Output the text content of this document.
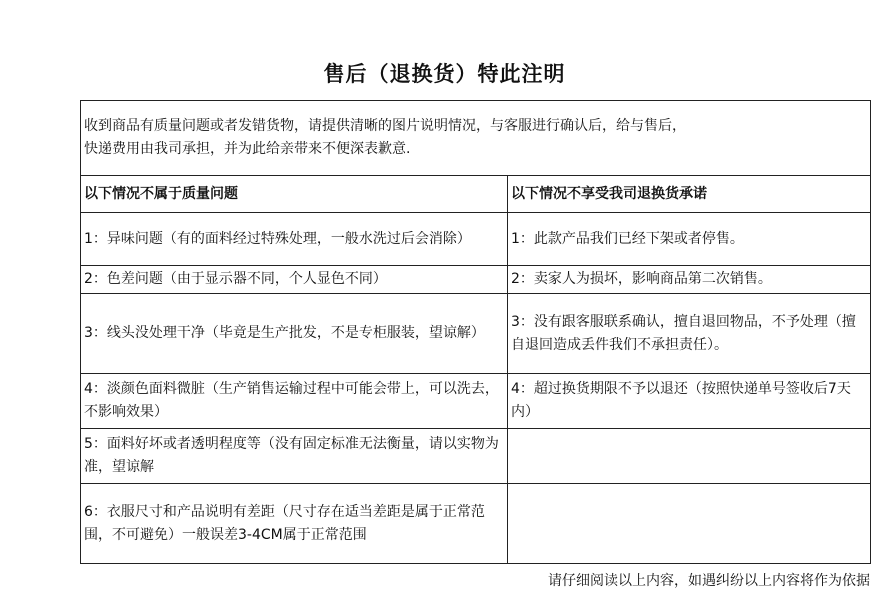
售后（退换货）特此注明
收到商品有质量问题或者发错货物，请提供清晰的图片说明情况，与客服进行确认后，给与售后，
快递费用由我司承担，并为此给亲带来不便深表歉意.	

以下情况不属于质量问题	以下情况不享受我司退换货承诺
1：异味问题（有的面料经过特殊处理，一般水洗过后会消除）	1：此款产品我们已经下架或者停售。
2：色差问题（由于显示器不同，个人显色不同）	2：卖家人为损坏，影响商品第二次销售。
3：线头没处理干净（毕竟是生产批发，不是专柜服装，望谅解）	3：没有跟客服联系确认，擅自退回物品，不予处理（擅自退回造成丢件我们不承担责任）。
4：淡颜色面料微脏（生产销售运输过程中可能会带上，可以洗去，不影响效果）	4：超过换货期限不予以退还（按照快递单号签收后7天内）
5：面料好坏或者透明程度等（没有固定标准无法衡量，请以实物为准，望谅解	
6：衣服尺寸和产品说明有差距（尺寸存在适当差距是属于正常范围，不可避免）一般误差3-4CM属于正常范围	
请仔细阅读以上内容，如遇纠纷以上内容将作为依据
